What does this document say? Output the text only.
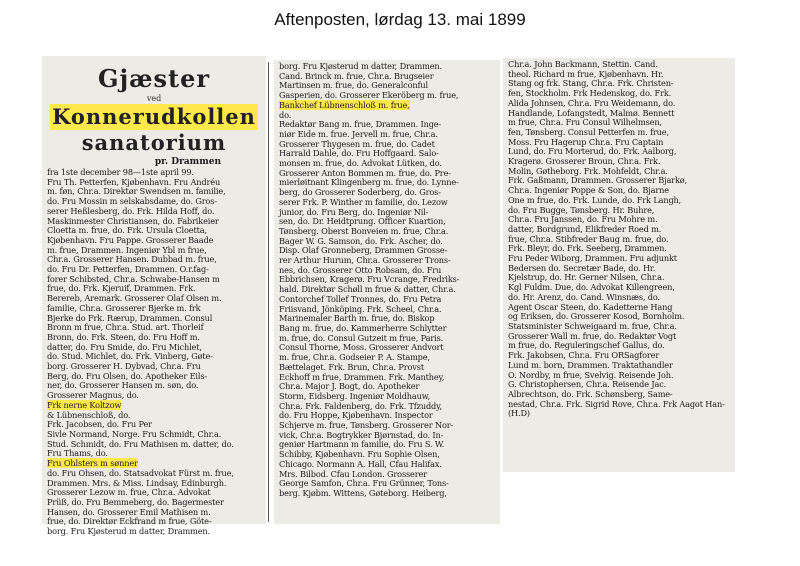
Aftenposten, lørdag 13. mai 1899
Gjæster
ved
Konnerudkollen sanatorium
pr. Drammen
fra 1ste december 98—1ste april 99.
Fru Th. Petterfen, Kjøbenhavn. Fru Andréu
m. føn, Chr.a. Direktør Swendsen m. familie,
do. Fru Mossin m selskabsdame, do. Gros-
serer Heßlesberg, do. Frk. Hilda Hoff, do.
Maskinmester Christiansen, do. Fabrikeier
Cloetta m. frue, do. Frk. Ursula Cloetta,
Kjøbenhavn. Fru Pappe. Grosserer Baade
m. frue, Drammen. Ingeniør Ybl m frue,
Chr.a. Grosserer Hansen. Dubbad m. frue,
do. Fru Dr. Petterfen, Drammen. O.r.fag-
forer Schibsted, Chr.a. Schwabe-Hansen m
frue, do. Frk. Kjeruif, Drammen. Frk.
Berereb, Aremark. Grosserer Olaf Olsen m.
familie, Chr.a. Grosserer Bjerke m. frk
Bjerke do Frk. Rærup, Drammen. Consul
Bronn m frue, Chr.a. Stud. art. Thorleif
Bronn, do. Frk. Steen, do. Fru Hoff m.
datter, do. Fru Smide, do. Fru Michlet,
do. Stud. Michlet, do. Frk. Vinberg, Gøte-
borg. Grosserer H. Dybvad, Chr.a. Fru
Berg, do. Fru Olsen, do. Apotheker Eils-
ner, do. Grosserer Hansen m. søn, do.
Grosserer Magnus, do.
Frk nerne Koltzow
& Lübnenschloß, do.
Frk. Jacobsen, do. Fru Per
Sivle Normand, Norge. Fru Schmidt, Chr.a.
Stud. Schmidt, do. Fru Mathisen m. datter, do.
Fru Thams, do.
Fru Ohlsters m sønner
do. Fru Ohsen, do. Statsadvokat Fürst m. frue,
Drammen. Mrs. & Miss. Lindsay, Edinburgh.
Grosserer Lezow m. frue, Chr.a. Advokat
Prüß, do. Fru Bemmeberg, do. Bagermester
Hansen, do. Grosserer Emil Mathisen m.
frue, do. Direktør Eckfrand m frue, Göte-
borg. Fru Kjøsterud m datter, Drammen.
borg. Fru Kjøsterud m datter, Drammen.
Cand. Brinck m. frue, Chr.a. Brugseier
Martinsen m. frue, do. Generalconful
Gasperien, do. Grosserer Ekeröberg m. frue,
Bankchef Lübnenschloß m. frue,
do.
Redaktør Bang m. frue, Drammen. Inge-
niør Eide m. frue. Jervell m. frue, Chr.a.
Grosserer Thygesen m. frue, do. Cadet
Harrald Dahle, do. Fru Hoffgaard. Salo-
monsen m. frue, do. Advokat Lütken, do.
Grosserer Anton Bommen m. frue, do. Pre-
mierløitnant Klingenberg m. frue, do. Lynne-
berg, do Grosserer Soderberg, do. Gros-
serer Frk. P. Winther m familie, do. Lezow
junior, do. Fru Berg, do. Ingeniør Nil-
sen, do. Dr. Heidtprung. Officer Kuartion,
Tønsberg. Oberst Bonveien m. frue, Chr.a.
Bager W. G. Samson, do. Frk. Ascher, do.
Disp. Olaf Gronneberg, Drammen Grosse-
rer Arthur Hurum, Chr.a. Grosserer Trons-
nes, do. Grosserer Otto Robsam, do. Fru
Ebbrichsen, Kragerø. Fru Vcrange, Fredriks-
hald. Direktør Schøll m frue & datter, Chr.a.
Contorchef Tollef Tronnes, do. Fru Petra
Friisvand, Jönköping. Frk. Scheel, Chr.a.
Marinemaler Barth m. frue, do. Biskop
Bang m. frue, do. Kammerherre Schlytter
m. frue, do. Consul Gutzeit m frue, Paris.
Consul Thorne, Moss. Grosserer Andvort
m. frue, Chr.a. Godseier P. A. Stampe,
Bættelaget. Frk. Brun, Chr.a. Provst
Eckhoff m frue, Drammen. Frk. Manthey,
Chr.a. Major J. Bogt, do. Apotheker
Storm, Eidsberg. Ingeniør Moldhauw,
Chr.a. Frk. Faldenberg, do. Frk. Tfzuddy,
do. Fru Hoppe, Kjøbenhavn. Inspector
Schjerve m. frue, Tønsberg. Grosserer Nor-
vick, Chr.a. Bogtrykker Bjørnstad, do. In-
geniør Hartmann m familie, do. Fru S. W.
Schibby, Kjøbenhavn. Fru Sophie Olsen,
Chicago. Normann A. Hall, Cfau Halifax.
Mrs. Bilbod. Cfau London. Grosserer
George Samfon, Chr.a. Fru Grünner, Tons-
berg. Kjøbm. Wittens, Gøteborg. Heiberg,
Chr.a. John Backmann, Stettin. Cand.
theol. Richard m frue, Kjøbenhavn. Hr.
Stang og frk. Stang, Chr.a. Frk. Christen-
fen, Stockholm. Frk Hedenskog, do. Frk.
Alida Johnsen, Chr.a. Fru Weidemann, do.
Handlande, Lofangstedt, Malmø. Bennett
m frue, Chr.a. Fru Consul Wilhelmsen,
fen, Tønsberg. Consul Petterfen m. frue,
Moss. Fru Hagerup Chr.a. Fru Captain
Lund, do. Fru Morterud, do. Frk. Aalborg,
Kragerø. Grosserer Broun, Chr.a. Frk.
Molin, Gøtheborg. Frk. Mohfeldt, Chr.a.
Frk. Gaßmann, Drammen. Grosserer Bjarkø,
Chr.a. Ingeniør Poppe & Son, do. Bjarne
One m frue, do. Frk. Lunde, do. Frk Langh,
do. Fru Bugge, Tønsberg. Hr. Buhre,
Chr.a. Fru Janssen, do. Fru Mohre m.
datter, Bordgrund, Elikfreder Roed m.
frue, Chr.a. Stibfreder Baug m. frue, do.
Frk. Bleyr, do. Frk. Seeberg, Drammen.
Fru Peder Wiborg, Drammen. Fru adjunkt
Bedersen do. Secretær Bade, do. Hr.
Kjelstrup, do. Hr. Gerner Nilsen, Chr.a.
Kgl Fuldm. Due, do. Advokat Killengreen,
do. Hr. Arenz, do. Cand. Winsnæs, do.
Agent Oscar Steen, do. Kadetterne Hang
og Eriksen, do. Grosserer Kosod, Bornholm.
Statsminister Schweigaard m. frue, Chr.a.
Grosserer Wall m. frue, do. Redaktør Vogt
m frue, do. Reguleringschef Gallus, do.
Frk. Jakobsen, Chr.a. Fru ORSagforer
Lund m. born, Drammen. Traktathandler
O. Nordby, m frue, Svelvig. Reisende Joh.
G. Christophersen, Chr.a. Reisende Jac.
Albrechtson, do. Frk. Schønsberg, Same-
nestad, Chr.a. Frk. Sigrid Rove, Chr.a. Frk Aagot Han-
(H.D)
